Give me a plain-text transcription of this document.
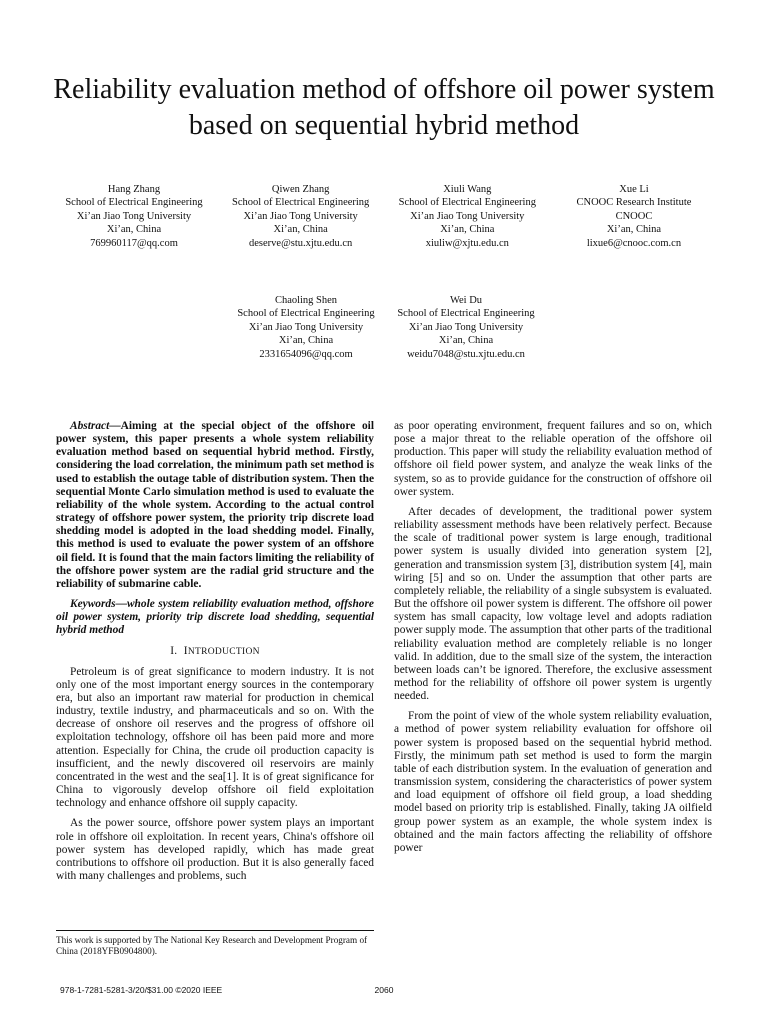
Reliability evaluation method of offshore oil power system based on sequential hybrid method
Hang Zhang
School of Electrical Engineering
Xi’an Jiao Tong University
Xi’an, China
769960117@qq.com
Qiwen Zhang
School of Electrical Engineering
Xi’an Jiao Tong University
Xi’an, China
deserve@stu.xjtu.edu.cn
Xiuli Wang
School of Electrical Engineering
Xi’an Jiao Tong University
Xi’an, China
xiuliw@xjtu.edu.cn
Xue Li
CNOOC Research Institute
CNOOC
Xi’an, China
lixue6@cnooc.com.cn
Chaoling Shen
School of Electrical Engineering
Xi’an Jiao Tong University
Xi’an, China
2331654096@qq.com
Wei Du
School of Electrical Engineering
Xi’an Jiao Tong University
Xi’an, China
weidu7048@stu.xjtu.edu.cn

Abstract—Aiming at the special object of the offshore oil power system, this paper presents a whole system reliability evaluation method based on sequential hybrid method. Firstly, considering the load correlation, the minimum path set method is used to establish the outage table of distribution system. Then the sequential Monte Carlo simulation method is used to evaluate the reliability of the whole system. According to the actual control strategy of offshore power system, the priority trip discrete load shedding model is adopted in the load shedding model. Finally, this method is used to evaluate the power system of an offshore oil field. It is found that the main factors limiting the reliability of the offshore power system are the radial grid structure and the reliability of submarine cable.

Keywords—whole system reliability evaluation method, offshore oil power system, priority trip discrete load shedding, sequential hybrid method

I. INTRODUCTION

Petroleum is of great significance to modern industry. It is not only one of the most important energy sources in the contemporary era, but also an important raw material for production in chemical industry, textile industry, and pharmaceuticals and so on. With the decrease of onshore oil reserves and the progress of offshore oil exploitation technology, offshore oil has been paid more and more attention. Especially for China, the crude oil production capacity is insufficient, and the newly discovered oil reservoirs are mainly concentrated in the west and the sea[1]. It is of great significance for China to vigorously develop offshore oil field exploitation technology and enhance offshore oil supply capacity.

As the power source, offshore power system plays an important role in offshore oil exploitation. In recent years, China's offshore oil power system has developed rapidly, which has made great contributions to offshore oil production. But it is also generally faced with many challenges and problems, such

as poor operating environment, frequent failures and so on, which pose a major threat to the reliable operation of the offshore oil production. This paper will study the reliability evaluation method of offshore oil field power system, and analyze the weak links of the system, so as to provide guidance for the construction of offshore oil ower system.

After decades of development, the traditional power system reliability assessment methods have been relatively perfect. Because the scale of traditional power system is large enough, traditional power system is usually divided into generation system [2], generation and transmission system [3], distribution system [4], main wiring [5] and so on. Under the assumption that other parts are completely reliable, the reliability of a single subsystem is evaluated. But the offshore oil power system is different. The offshore oil power system has small capacity, low voltage level and adopts radiation power supply mode. The assumption that other parts of the traditional reliability evaluation method are completely reliable is no longer valid. In addition, due to the small size of the system, the interaction between loads can’t be ignored. Therefore, the exclusive assessment method for the reliability of offshore oil power system is urgently needed.

From the point of view of the whole system reliability evaluation, a method of power system reliability evaluation for offshore oil power system is proposed based on the sequential hybrid method. Firstly, the minimum path set method is used to form the margin table of each distribution system. In the evaluation of generation and transmission system, considering the characteristics of power system and load equipment of offshore oil field group, a load shedding model based on priority trip is established. Finally, taking JA oilfield group power system as an example, the whole system index is obtained and the main factors affecting the reliability of offshore power

This work is supported by The National Key Research and Development Program of China (2018YFB0904800).
978-1-7281-5281-3/20/$31.00 ©2020 IEEE	2060
